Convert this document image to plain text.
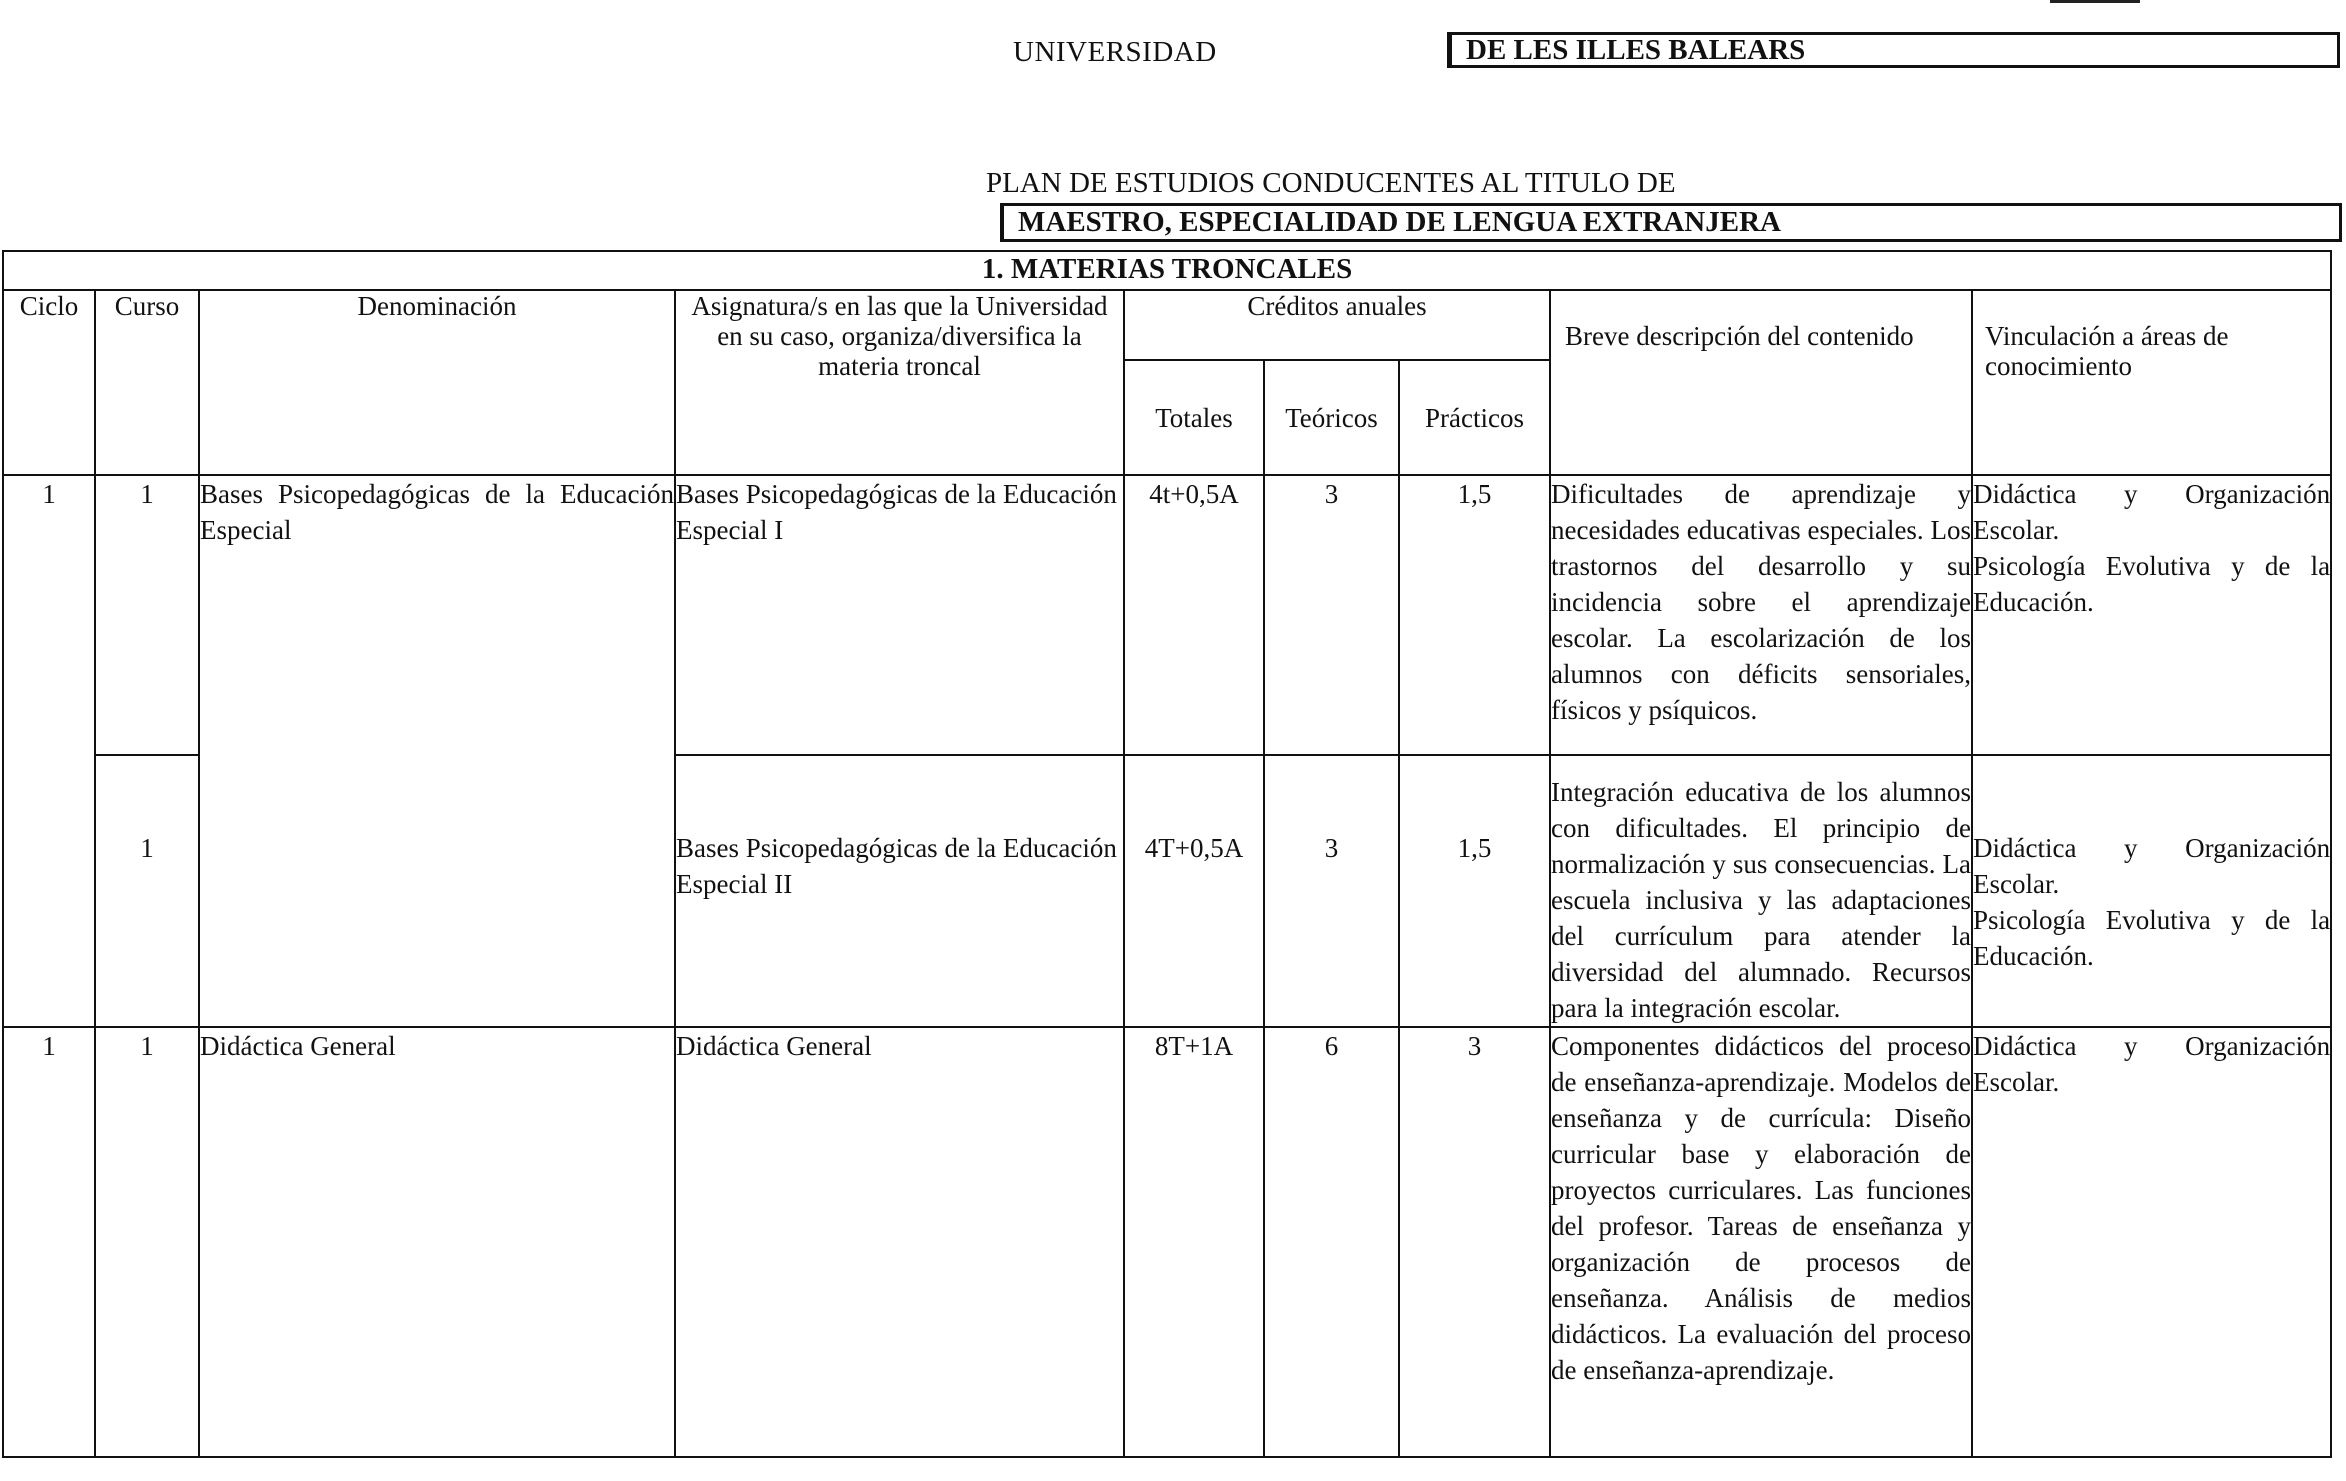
UNIVERSIDAD	DE LES ILLES BALEARS
PLAN DE ESTUDIOS CONDUCENTES AL TITULO DE
MAESTRO, ESPECIALIDAD DE LENGUA EXTRANJERA
1. MATERIAS TRONCALES								
Ciclo	Curso	Denominación	Asignatura/s en las que la Universidad en su caso, organiza/diversifica la materia troncal	Créditos anuales			Breve descripción del contenido	Vinculación a áreas de conocimiento
				Totales	Teóricos	Prácticos		
1	1	Bases Psicopedagógicas de la Educación Especial	Bases Psicopedagógicas de la Educación Especial I	4t+0,5A	3	1,5	Dificultades de aprendizaje y necesidades educativas especiales. Los trastornos del desarrollo y su incidencia sobre el aprendizaje escolar. La escolarización de los alumnos con déficits sensoriales, físicos y psíquicos.	Didáctica y Organización Escolar.
Psicología Evolutiva y de la Educación.

	1		Bases Psicopedagógicas de la Educación Especial II	4T+0,5A	3	1,5	Integración educativa de los alumnos con dificultades. El principio de normalización y sus consecuencias. La escuela inclusiva y las adaptaciones del currículum para atender la diversidad del alumnado. Recursos para la integración escolar.	Didáctica y Organización Escolar.
Psicología Evolutiva y de la Educación.

1	1	Didáctica General	Didáctica General	8T+1A	6	3	Componentes didácticos del proceso de enseñanza-aprendizaje. Modelos de enseñanza y de currícula: Diseño curricular base y elaboración de proyectos curriculares. Las funciones del profesor. Tareas de enseñanza y organización de procesos de enseñanza. Análisis de medios didácticos. La evaluación del proceso de enseñanza-aprendizaje.	Didáctica y Organización Escolar.
